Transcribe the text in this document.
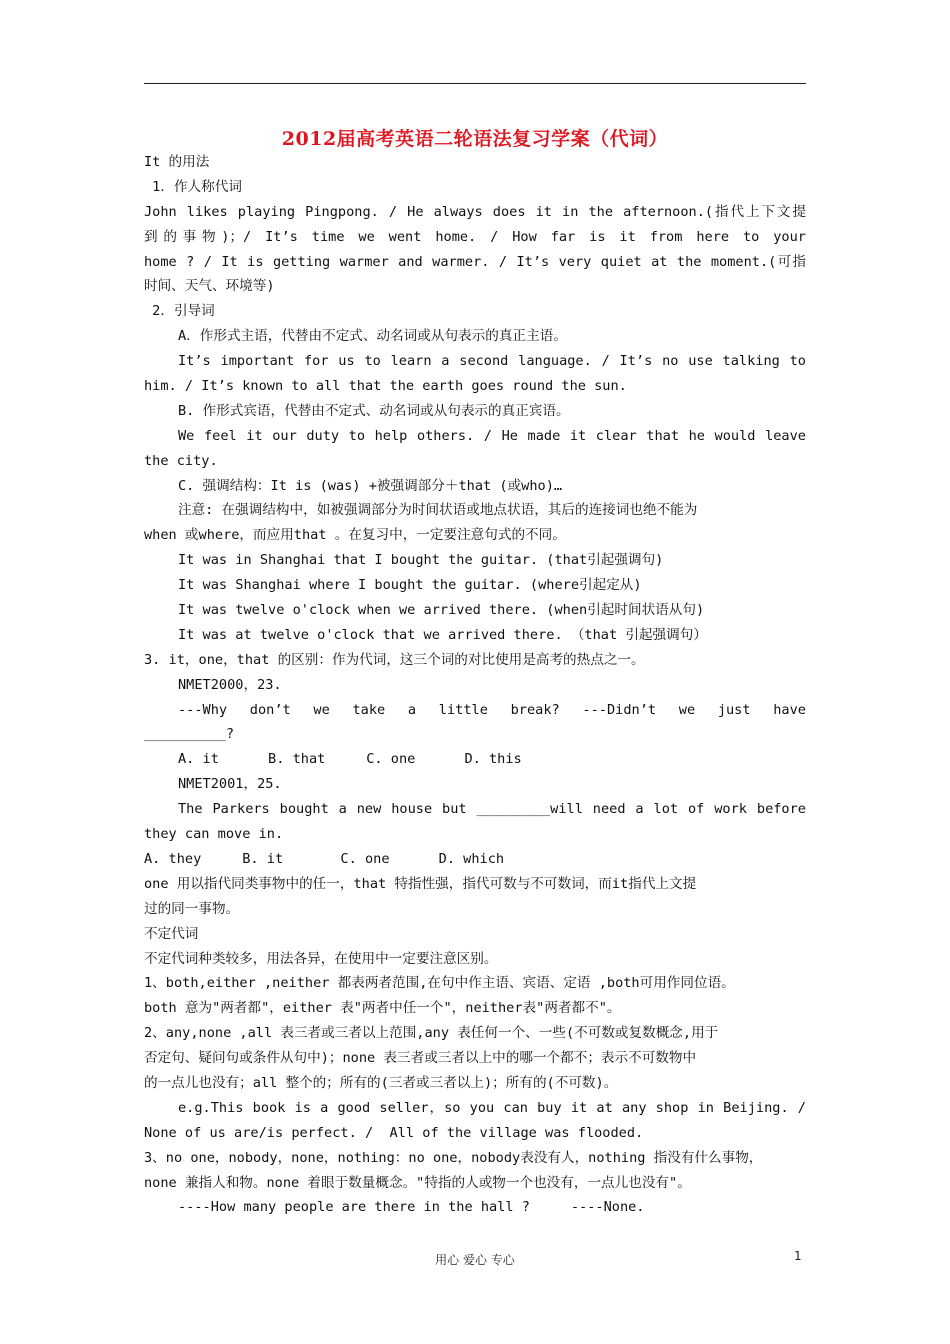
2012届高考英语二轮语法复习学案（代词）
It 的用法
1．作人称代词
John likes playing Pingpong. / He always does it in the afternoon.(指代上下文提
到的事物)；/ It’s time we went home. / How far is it from here to your
home ? / It is getting warmer and warmer. / It’s very quiet at the moment.(可指
时间、天气、环境等)
2．引导词
A．作形式主语，代替由不定式、动名词或从句表示的真正主语。
It’s important for us to learn a second language. / It’s no use talking to
him. / It’s known to all that the earth goes round the sun.
B. 作形式宾语，代替由不定式、动名词或从句表示的真正宾语。
We feel it our duty to help others. / He made it clear that he would leave
the city.
C. 强调结构：It is (was) +被强调部分＋that (或who)…
注意: 在强调结构中，如被强调部分为时间状语或地点状语，其后的连接词也绝不能为
when 或where，而应用that 。在复习中，一定要注意句式的不同。
It was in Shanghai that I bought the guitar. (that引起强调句)
It was Shanghai where I bought the guitar. (where引起定从)
It was twelve o'clock when we arrived there. (when引起时间状语从句)
It was at twelve o'clock that we arrived there. （that 引起强调句）
3. it，one，that 的区别：作为代词，这三个词的对比使用是高考的热点之一。
NMET2000，23.
---Why don’t we take a little break? ---Didn’t we just have
__________?
A. it      B. that     C. one      D. this
NMET2001，25.
The Parkers bought a new house but _________will need a lot of work before
they can move in.
A. they     B. it       C. one      D. which
one 用以指代同类事物中的任一，that 特指性强，指代可数与不可数词，而it指代上文提
过的同一事物。
不定代词
不定代词种类较多，用法各异，在使用中一定要注意区别。
1、both,either ,neither 都表两者范围,在句中作主语、宾语、定语 ,both可用作同位语。
both 意为"两者都"，either 表"两者中任一个"，neither表"两者都不"。
2、any,none ,all 表三者或三者以上范围,any 表任何一个、一些(不可数或复数概念,用于
否定句、疑问句或条件从句中)；none 表三者或三者以上中的哪一个都不；表示不可数物中
的一点儿也没有；all 整个的；所有的(三者或三者以上)；所有的(不可数)。
e.g.This book is a good seller，so you can buy it at any shop in Beijing. /
None of us are/is perfect. /  All of the village was flooded.
3、no one，nobody，none，nothing：no one，nobody表没有人，nothing 指没有什么事物，
none 兼指人和物。none 着眼于数量概念。"特指的人或物一个也没有，一点儿也没有"。
----How many people are there in the hall ?     ----None.
用心 爱心 专心	1
